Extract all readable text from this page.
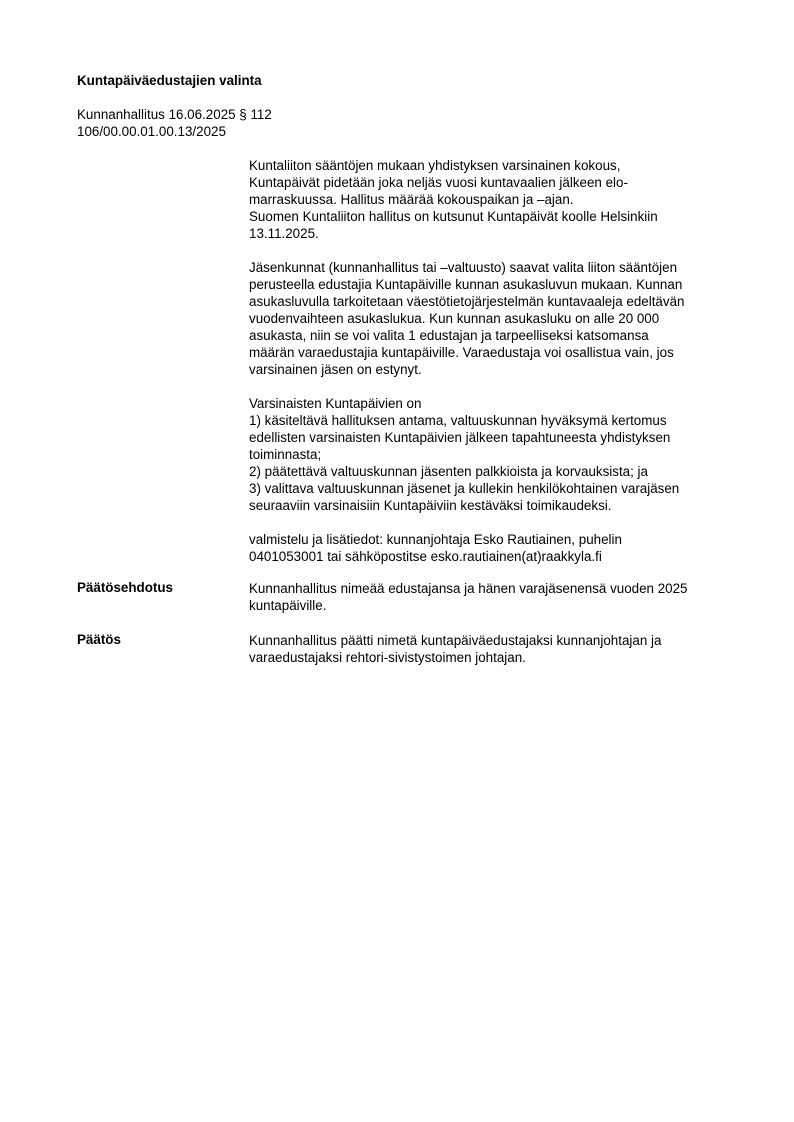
Kuntapäiväedustajien valinta
Kunnanhallitus 16.06.2025 § 112
106/00.00.01.00.13/2025
Kuntaliiton sääntöjen mukaan yhdistyksen varsinainen kokous,
Kuntapäivät pidetään joka neljäs vuosi kuntavaalien jälkeen elo-
marraskuussa. Hallitus määrää kokouspaikan ja –ajan.
Suomen Kuntaliiton hallitus on kutsunut Kuntapäivät koolle Helsinkiin
13.11.2025.
Jäsenkunnat (kunnanhallitus tai –valtuusto) saavat valita liiton sääntöjen
perusteella edustajia Kuntapäiville kunnan asukasluvun mukaan. Kunnan
asukasluvulla tarkoitetaan väestötietojärjestelmän kuntavaaleja edeltävän
vuodenvaihteen asukaslukua. Kun kunnan asukasluku on alle 20 000
asukasta, niin se voi valita 1 edustajan ja tarpeelliseksi katsomansa
määrän varaedustajia kuntapäiville. Varaedustaja voi osallistua vain, jos
varsinainen jäsen on estynyt.
Varsinaisten Kuntapäivien on
1) käsiteltävä hallituksen antama, valtuuskunnan hyväksymä kertomus
edellisten varsinaisten Kuntapäivien jälkeen tapahtuneesta yhdistyksen
toiminnasta;
2) päätettävä valtuuskunnan jäsenten palkkioista ja korvauksista; ja
3) valittava valtuuskunnan jäsenet ja kullekin henkilökohtainen varajäsen
seuraaviin varsinaisiin Kuntapäiviin kestäväksi toimikaudeksi.
valmistelu ja lisätiedot: kunnanjohtaja Esko Rautiainen, puhelin
0401053001 tai sähköpostitse esko.rautiainen(at)raakkyla.fi
Päätösehdotus	Kunnanhallitus nimeää edustajansa ja hänen varajäsenensä vuoden 2025
kuntapäiville.
Päätös	Kunnanhallitus päätti nimetä kuntapäiväedustajaksi kunnanjohtajan ja
varaedustajaksi rehtori-sivistystoimen johtajan.
